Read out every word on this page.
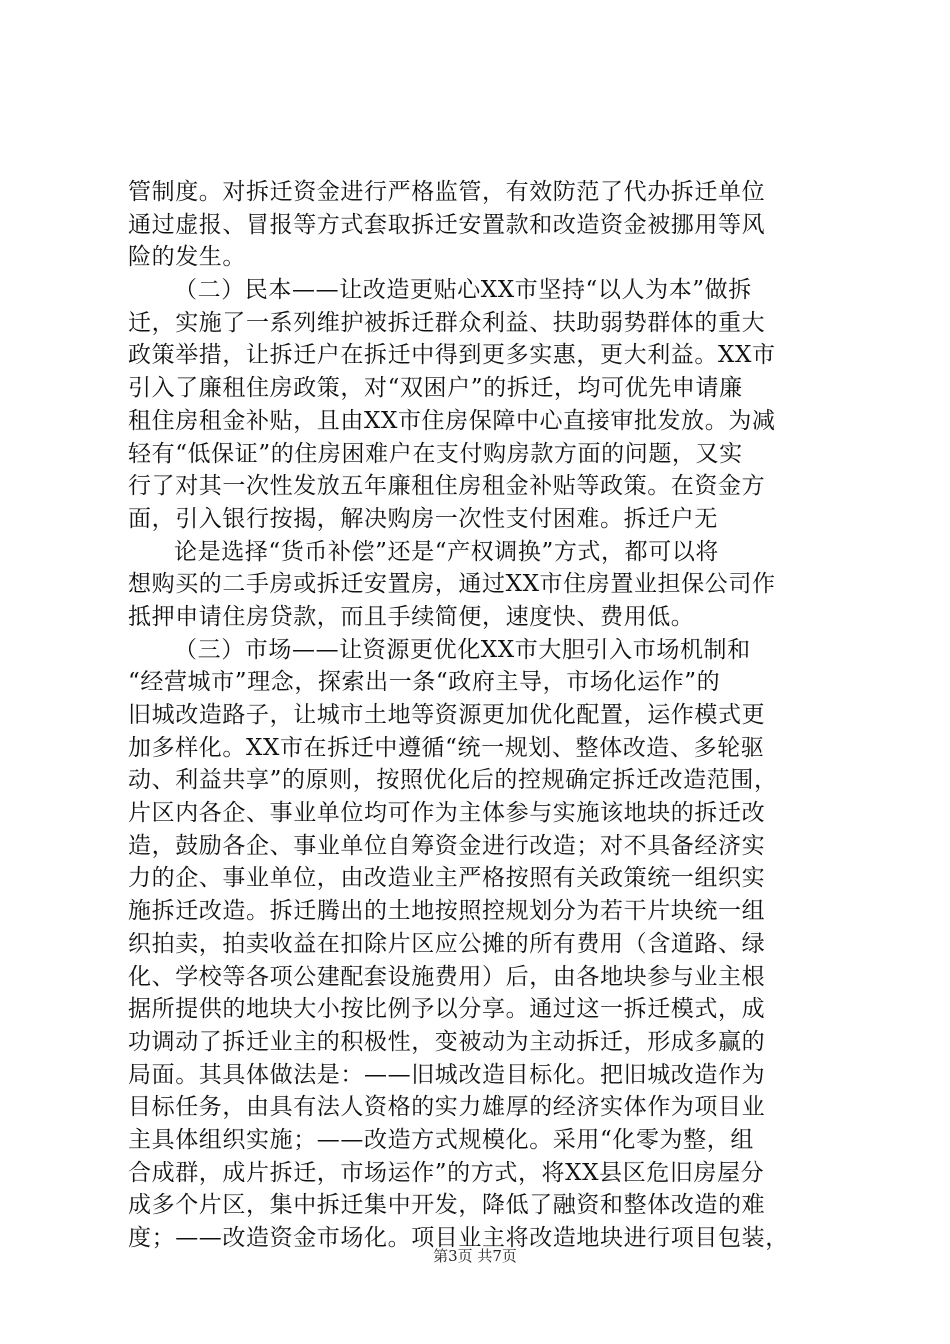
管制度。对拆迁资金进行严格监管，有效防范了代办拆迁单位
通过虚报、冒报等方式套取拆迁安置款和改造资金被挪用等风
险的发生。
（二）民本——让改造更贴心XX市坚持“以人为本”做拆
迁，实施了一系列维护被拆迁群众利益、扶助弱势群体的重大
政策举措，让拆迁户在拆迁中得到更多实惠，更大利益。XX市
引入了廉租住房政策，对“双困户”的拆迁，均可优先申请廉
租住房租金补贴，且由XX市住房保障中心直接审批发放。为减
轻有“低保证”的住房困难户在支付购房款方面的问题，又实
行了对其一次性发放五年廉租住房租金补贴等政策。在资金方
面，引入银行按揭，解决购房一次性支付困难。拆迁户无
论是选择“货币补偿”还是“产权调换”方式，都可以将
想购买的二手房或拆迁安置房，通过XX市住房置业担保公司作
抵押申请住房贷款，而且手续简便，速度快、费用低。
（三）市场——让资源更优化XX市大胆引入市场机制和
“经营城市”理念，探索出一条“政府主导，市场化运作”的
旧城改造路子，让城市土地等资源更加优化配置，运作模式更
加多样化。XX市在拆迁中遵循“统一规划、整体改造、多轮驱
动、利益共享”的原则，按照优化后的控规确定拆迁改造范围，
片区内各企、事业单位均可作为主体参与实施该地块的拆迁改
造，鼓励各企、事业单位自筹资金进行改造；对不具备经济实
力的企、事业单位，由改造业主严格按照有关政策统一组织实
施拆迁改造。拆迁腾出的土地按照控规划分为若干片块统一组
织拍卖，拍卖收益在扣除片区应公摊的所有费用（含道路、绿
化、学校等各项公建配套设施费用）后，由各地块参与业主根
据所提供的地块大小按比例予以分享。通过这一拆迁模式，成
功调动了拆迁业主的积极性，变被动为主动拆迁，形成多赢的
局面。其具体做法是：——旧城改造目标化。把旧城改造作为
目标任务，由具有法人资格的实力雄厚的经济实体作为项目业
主具体组织实施；——改造方式规模化。采用“化零为整，组
合成群，成片拆迁，市场运作”的方式，将XX县区危旧房屋分
成多个片区，集中拆迁集中开发，降低了融资和整体改造的难
度；——改造资金市场化。项目业主将改造地块进行项目包装，
第3页 共7页
